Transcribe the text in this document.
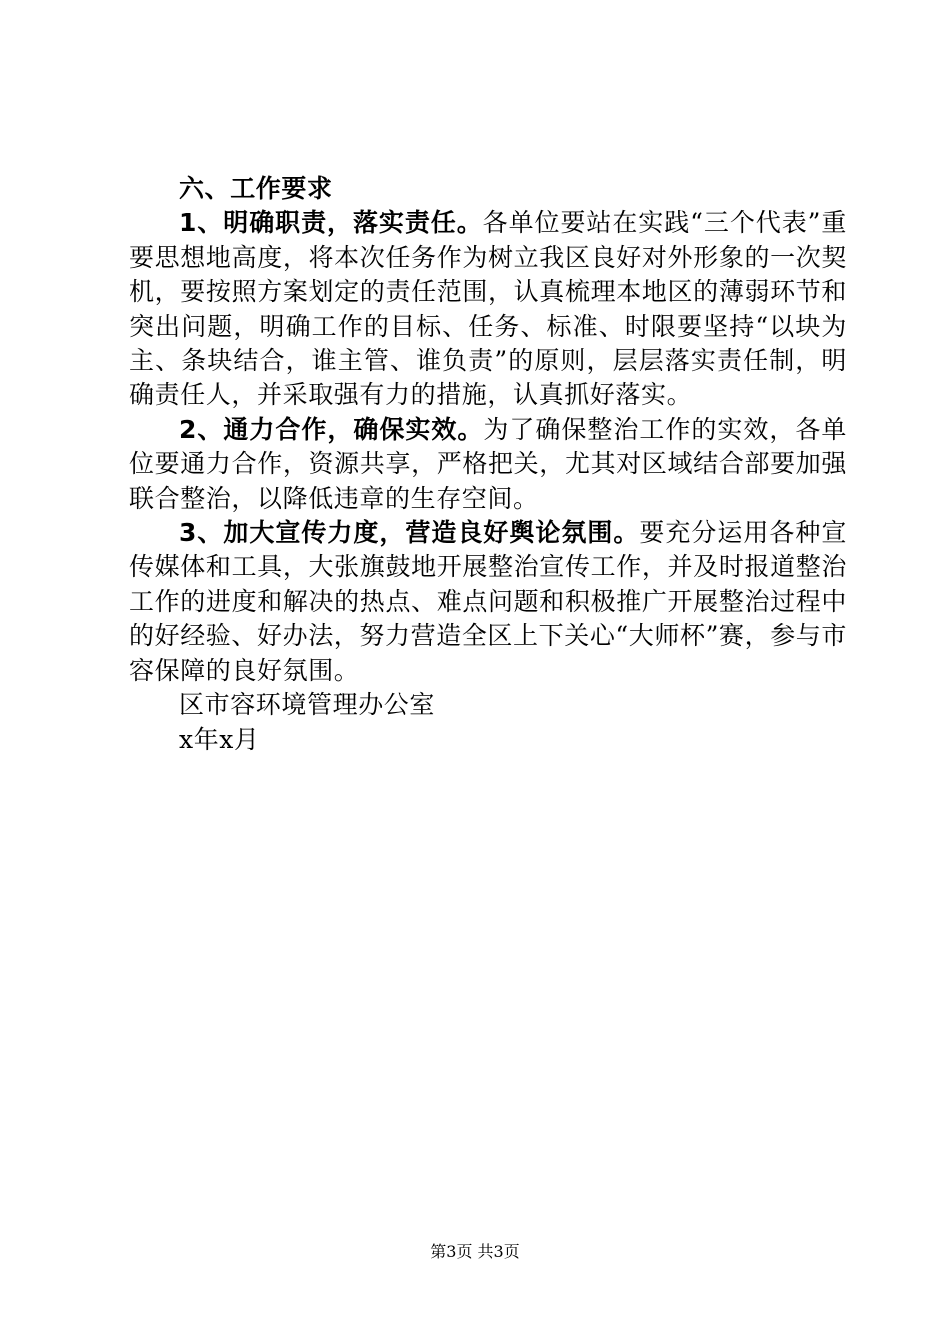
六、工作要求

1、明确职责，落实责任。各单位要站在实践“三个代表”重要思想地高度，将本次任务作为树立我区良好对外形象的一次契机，要按照方案划定的责任范围，认真梳理本地区的薄弱环节和突出问题，明确工作的目标、任务、标准、时限要坚持“以块为主、条块结合，谁主管、谁负责”的原则，层层落实责任制，明确责任人，并采取强有力的措施，认真抓好落实。

2、通力合作，确保实效。为了确保整治工作的实效，各单位要通力合作，资源共享，严格把关，尤其对区域结合部要加强联合整治，以降低违章的生存空间。

3、加大宣传力度，营造良好舆论氛围。要充分运用各种宣传媒体和工具，大张旗鼓地开展整治宣传工作，并及时报道整治工作的进度和解决的热点、难点问题和积极推广开展整治过程中的好经验、好办法，努力营造全区上下关心“大师杯”赛，参与市容保障的良好氛围。

区市容环境管理办公室

x年x月

第3页 共3页
